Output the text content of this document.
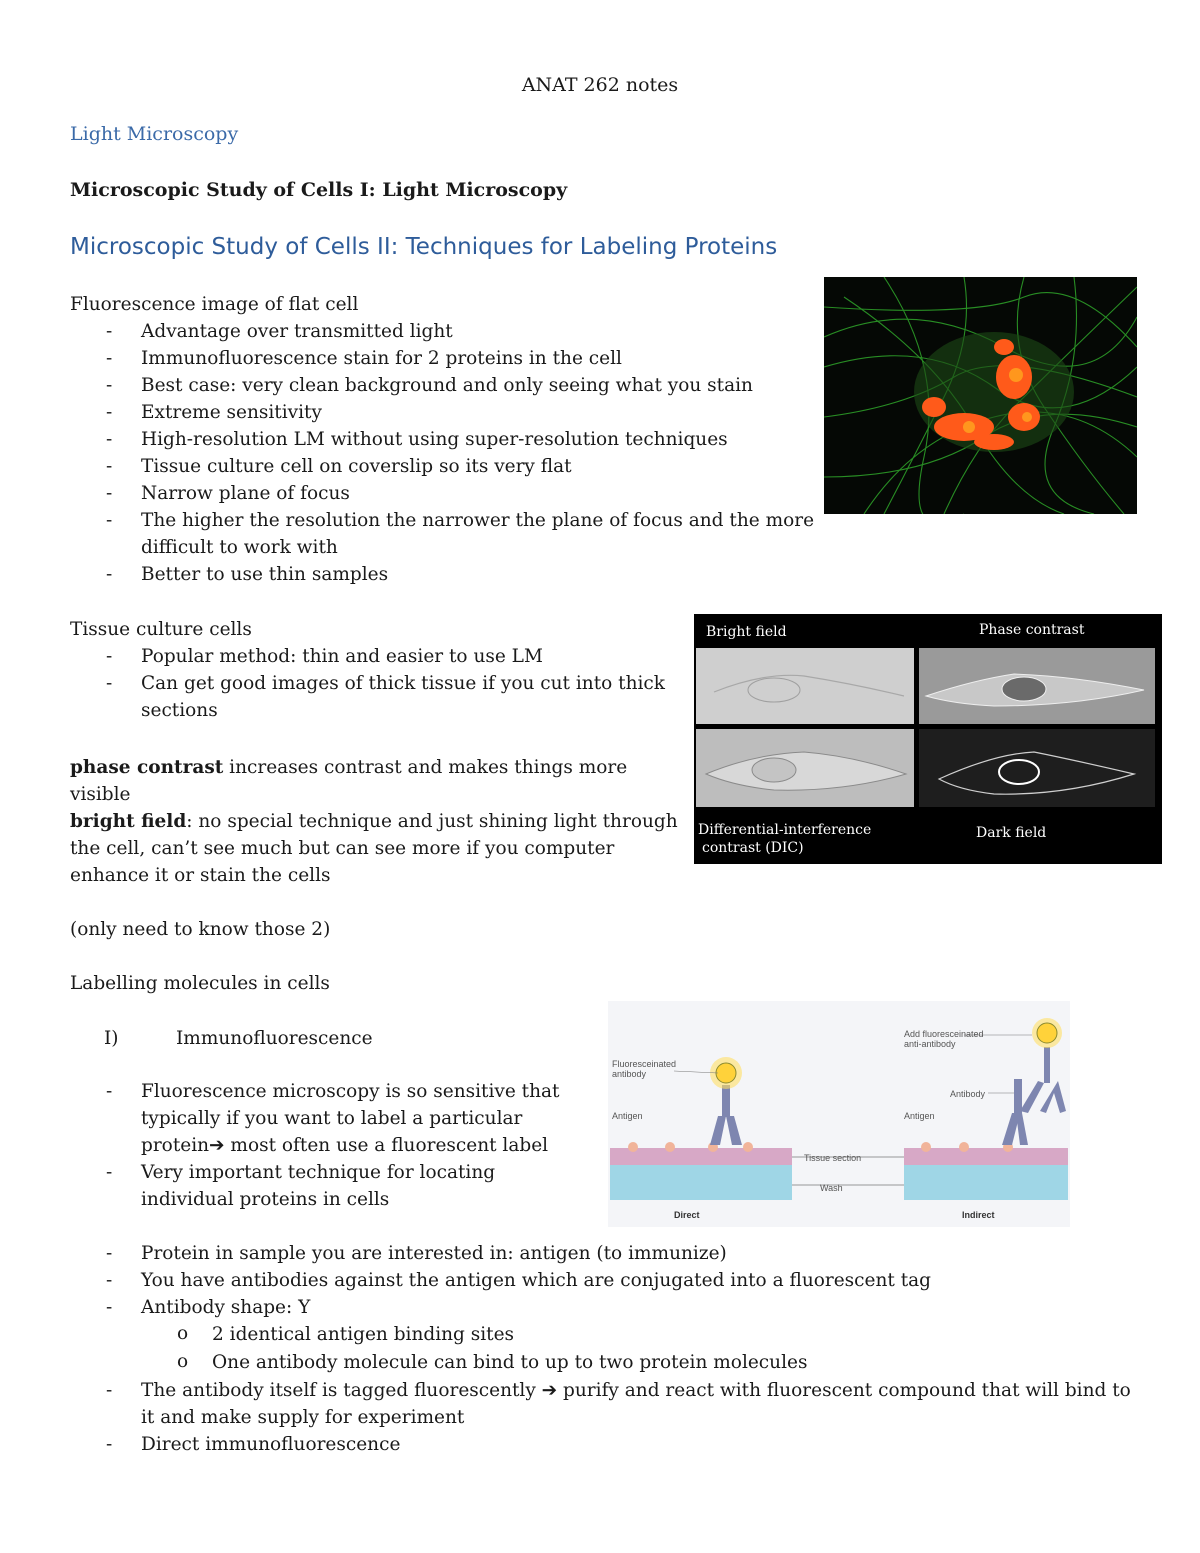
ANAT 262 notes
Light Microscopy
Microscopic Study of Cells I: Light Microscopy
Microscopic Study of Cells II: Techniques for Labeling Proteins
Fluorescence image of flat cell
- Advantage over transmitted light
- Immunofluorescence stain for 2 proteins in the cell
- Best case: very clean background and only seeing what you stain
- Extreme sensitivity
- High-resolution LM without using super-resolution techniques
- Tissue culture cell on coverslip so its very flat
- Narrow plane of focus
- The higher the resolution the narrower the plane of focus and the more difficult to work with
- Better to use thin samples
Tissue culture cells
- Popular method: thin and easier to use LM
- Can get good images of thick tissue if you cut into thick sections
phase contrast increases contrast and makes things more visible
bright field: no special technique and just shining light through the cell, can’t see much but can see more if you computer enhance it or stain the cells
Bright field	Phase contrast
Differential-interference
contrast (DIC)
Dark field
(only need to know those 2)
Labelling molecules in cells
I)	Immunofluorescence
- Fluorescence microscopy is so sensitive that typically if you want to label a particular protein➔ most often use a fluorescent label
- Very important technique for locating individual proteins in cells
Fluoresceinated
antibody
Antigen
Add fluoresceinated
anti-antibody
Antibody
Antigen
Tissue section
Wash
Direct	Indirect
- Protein in sample you are interested in: antigen (to immunize)
- You have antibodies against the antigen which are conjugated into a fluorescent tag
- Antibody shape: Y
o 2 identical antigen binding sites
o One antibody molecule can bind to up to two protein molecules
- The antibody itself is tagged fluorescently ➔ purify and react with fluorescent compound that will bind to it and make supply for experiment
- Direct immunofluorescence
